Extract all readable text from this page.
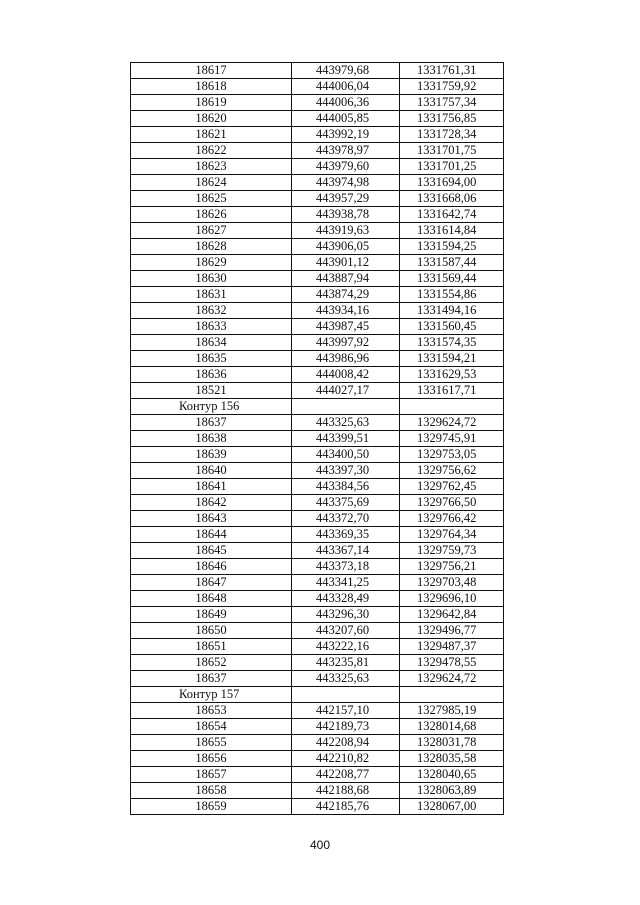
18617	443979,68	1331761,31
18618	444006,04	1331759,92
18619	444006,36	1331757,34
18620	444005,85	1331756,85
18621	443992,19	1331728,34
18622	443978,97	1331701,75
18623	443979,60	1331701,25
18624	443974,98	1331694,00
18625	443957,29	1331668,06
18626	443938,78	1331642,74
18627	443919,63	1331614,84
18628	443906,05	1331594,25
18629	443901,12	1331587,44
18630	443887,94	1331569,44
18631	443874,29	1331554,86
18632	443934,16	1331494,16
18633	443987,45	1331560,45
18634	443997,92	1331574,35
18635	443986,96	1331594,21
18636	444008,42	1331629,53
18521	444027,17	1331617,71
Контур 156		
18637	443325,63	1329624,72
18638	443399,51	1329745,91
18639	443400,50	1329753,05
18640	443397,30	1329756,62
18641	443384,56	1329762,45
18642	443375,69	1329766,50
18643	443372,70	1329766,42
18644	443369,35	1329764,34
18645	443367,14	1329759,73
18646	443373,18	1329756,21
18647	443341,25	1329703,48
18648	443328,49	1329696,10
18649	443296,30	1329642,84
18650	443207,60	1329496,77
18651	443222,16	1329487,37
18652	443235,81	1329478,55
18637	443325,63	1329624,72
Контур 157		
18653	442157,10	1327985,19
18654	442189,73	1328014,68
18655	442208,94	1328031,78
18656	442210,82	1328035,58
18657	442208,77	1328040,65
18658	442188,68	1328063,89
18659	442185,76	1328067,00
400
